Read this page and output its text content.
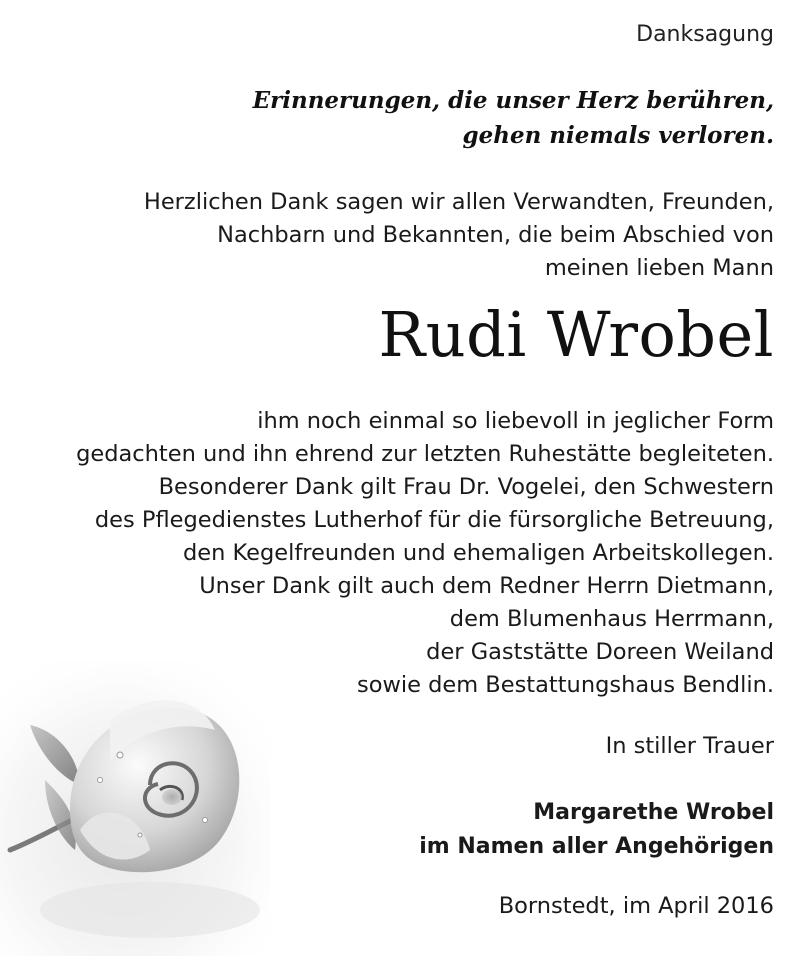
Danksagung
Erinnerungen, die unser Herz berühren,
gehen niemals verloren.
Herzlichen Dank sagen wir allen Verwandten, Freunden,
Nachbarn und Bekannten, die beim Abschied von
meinen lieben Mann
Rudi Wrobel
ihm noch einmal so liebevoll in jeglicher Form
gedachten und ihn ehrend zur letzten Ruhestätte begleiteten.
Besonderer Dank gilt Frau Dr. Vogelei, den Schwestern
des Pflegedienstes Lutherhof für die fürsorgliche Betreuung,
den Kegelfreunden und ehemaligen Arbeitskollegen.
Unser Dank gilt auch dem Redner Herrn Dietmann,
dem Blumenhaus Herrmann,
der Gaststätte Doreen Weiland
sowie dem Bestattungshaus Bendlin.
In stiller Trauer
Margarethe Wrobel
im Namen aller Angehörigen
Bornstedt, im April 2016
